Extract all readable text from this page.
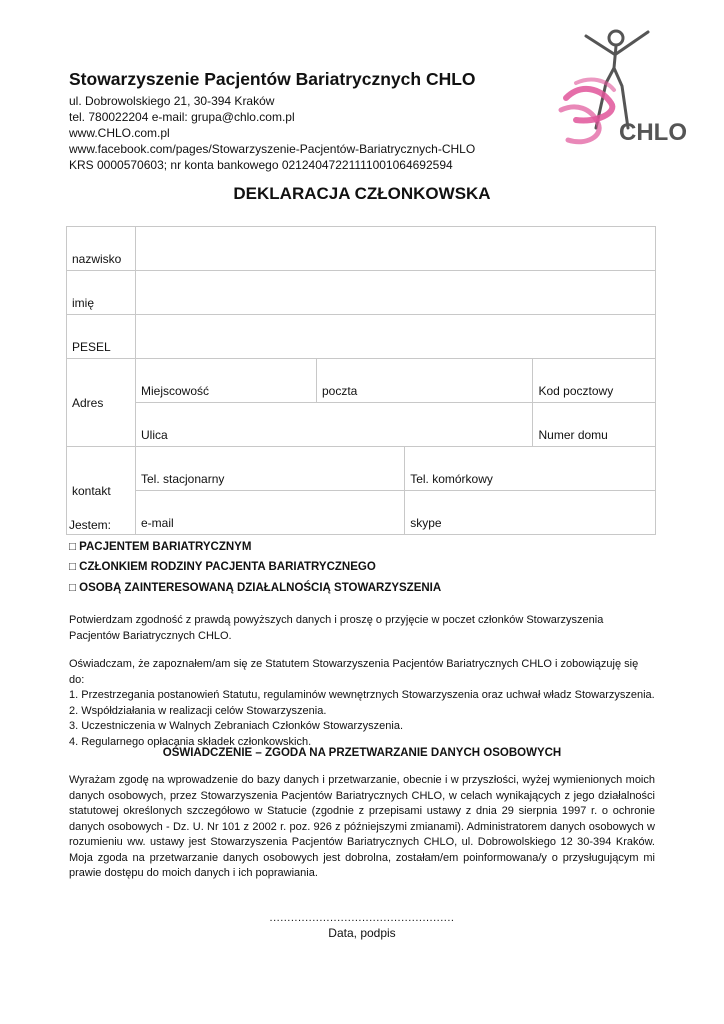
Stowarzyszenie Pacjentów Bariatrycznych CHLO
ul. Dobrowolskiego 21, 30-394 Kraków
tel. 780022204 e-mail: grupa@chlo.com.pl
www.CHLO.com.pl
www.facebook.com/pages/Stowarzyszenie-Pacjentów-Bariatrycznych-CHLO
KRS 0000570603; nr konta bankowego 02124047221111001064692594
CHLO
DEKLARACJA CZŁONKOWSKA
nazwisko				
imię				
PESEL				
Adres	Miejscowość	poczta		Kod pocztowy
	Ulica			Numer domu
kontakt	Tel. stacjonarny		Tel. komórkowy	
	e-mail		skype	
Jestem:
□ PACJENTEM BARIATRYCZNYM
□ CZŁONKIEM RODZINY PACJENTA BARIATRYCZNEGO
□ OSOBĄ ZAINTERESOWANĄ DZIAŁALNOŚCIĄ STOWARZYSZENIA

Potwierdzam zgodność z prawdą powyższych danych i proszę o przyjęcie w poczet członków Stowarzyszenia Pacjentów Bariatrycznych CHLO.

Oświadczam, że zapoznałem/am się ze Statutem Stowarzyszenia Pacjentów Bariatrycznych CHLO i zobowiązuję się do:

1. Przestrzegania postanowień Statutu, regulaminów wewnętrznych Stowarzyszenia oraz uchwał władz Stowarzyszenia.

2. Współdziałania w realizacji celów Stowarzyszenia.

3. Uczestniczenia w Walnych Zebraniach Członków Stowarzyszenia.

4. Regularnego opłacania składek członkowskich.

OŚWIADCZENIE – ZGODA NA PRZETWARZANIE DANYCH OSOBOWYCH

Wyrażam zgodę na wprowadzenie do bazy danych i przetwarzanie, obecnie i w przyszłości, wyżej wymienionych moich danych osobowych, przez Stowarzyszenia Pacjentów Bariatrycznych CHLO, w celach wynikających z jego działalności statutowej określonych szczegółowo w Statucie (zgodnie z przepisami ustawy z dnia 29 sierpnia 1997 r. o ochronie danych osobowych - Dz. U. Nr 101 z 2002 r. poz. 926 z późniejszymi zmianami). Administratorem danych osobowych w rozumieniu ww. ustawy jest Stowarzyszenia Pacjentów Bariatrycznych CHLO, ul. Dobrowolskiego 12 30-394 Kraków. Moja zgoda na przetwarzanie danych osobowych jest dobrolna, zostałam/em poinformowana/y o przysługującym mi prawie dostępu do moich danych i ich poprawiania.

....................................................
Data, podpis
